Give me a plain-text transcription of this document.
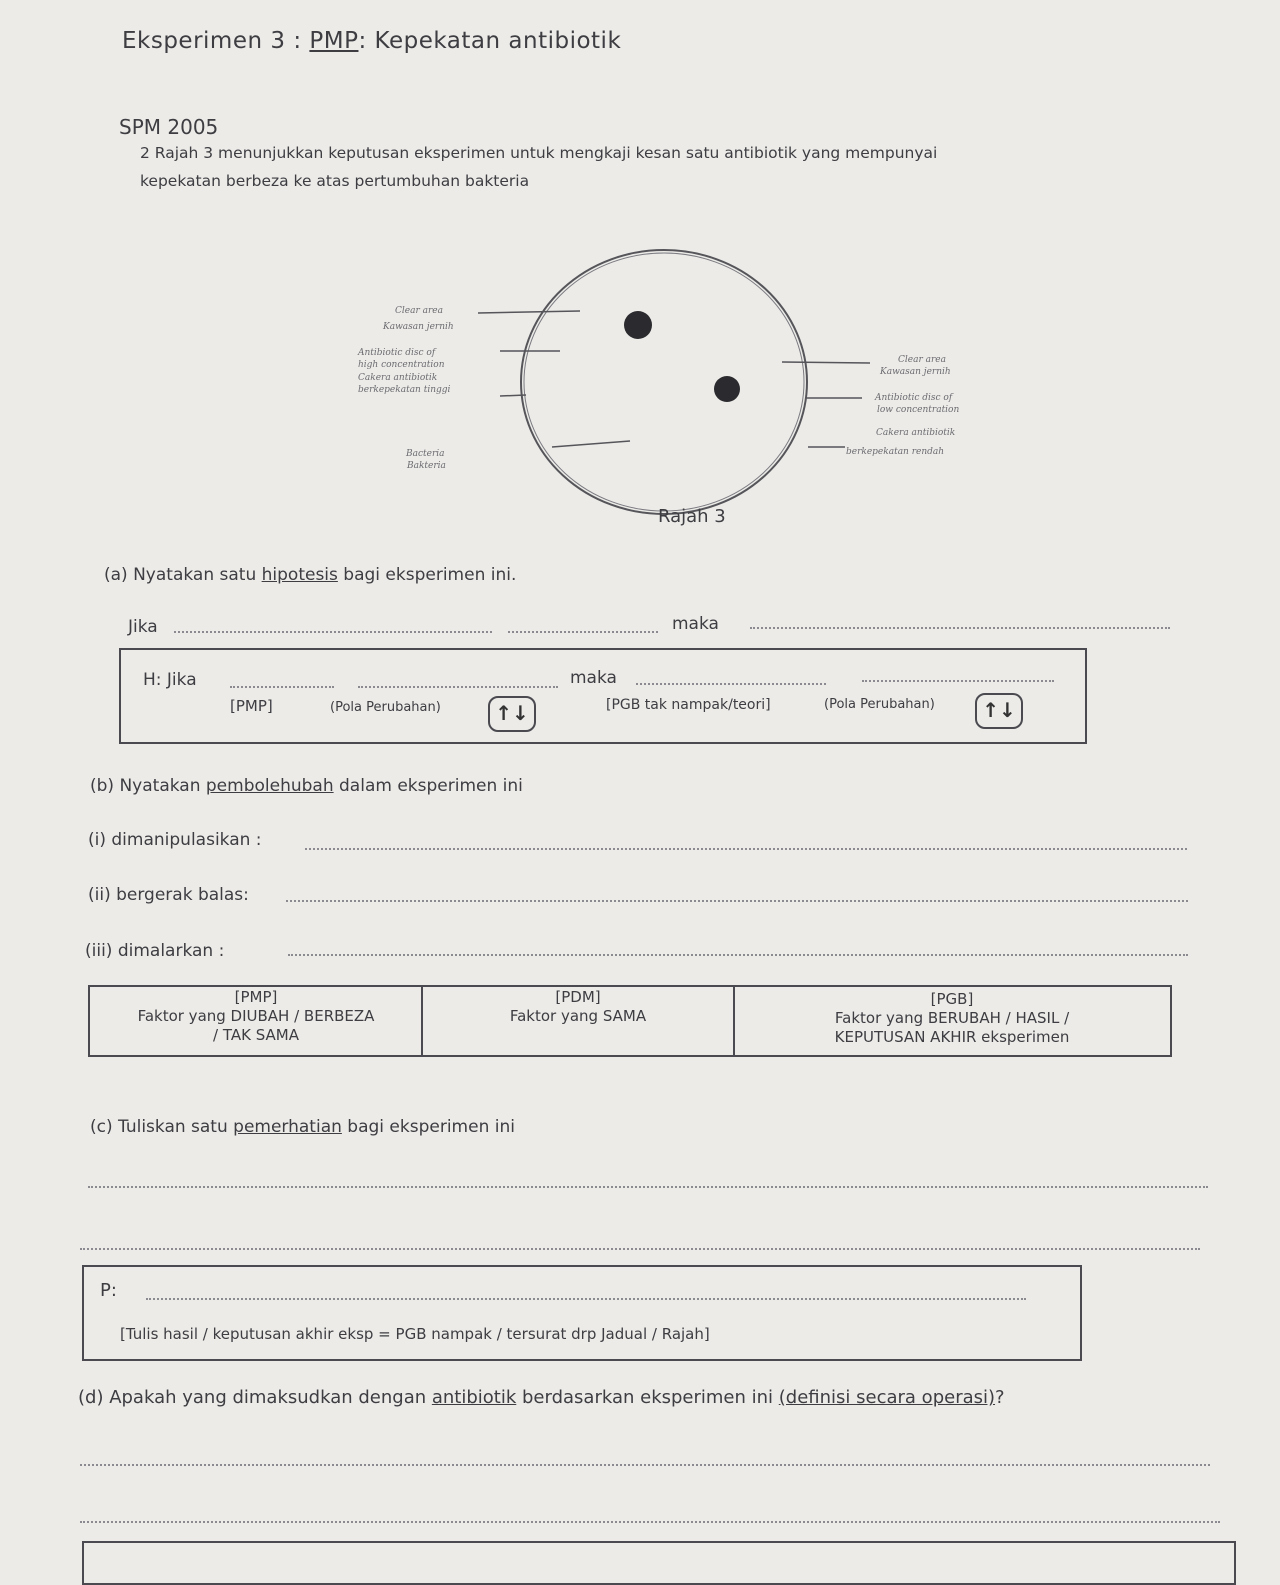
Eksperimen 3 : PMP: Kepekatan antibiotik
SPM 2005
2 Rajah 3 menunjukkan keputusan eksperimen untuk mengkaji kesan satu antibiotik yang mempunyai
kepekatan berbeza ke atas pertumbuhan bakteria
Clear area
Kawasan jernih
Antibiotic disc of
high concentration
Cakera antibiotik
berkepekatan tinggi
Bacteria
Bakteria
Clear area
Kawasan jernih
Antibiotic disc of
low concentration
Cakera antibiotik
berkepekatan rendah
Rajah 3
(a) Nyatakan satu hipotesis bagi eksperimen ini.
Jika	maka
H: Jika	maka
[PMP]	(Pola Perubahan)	↑↓	[PGB tak nampak/teori]	(Pola Perubahan)	↑↓
(b) Nyatakan pembolehubah dalam eksperimen ini
(i) dimanipulasikan :
(ii) bergerak balas:
(iii) dimalarkan :
[PMP]
Faktor yang DIUBAH / BERBEZA
/ TAK SAMA
[PDM]
Faktor yang SAMA
[PGB]
Faktor yang BERUBAH / HASIL /
KEPUTUSAN AKHIR eksperimen
(c) Tuliskan satu pemerhatian bagi eksperimen ini
P:
[Tulis hasil / keputusan akhir eksp = PGB nampak / tersurat drp Jadual / Rajah]
(d) Apakah yang dimaksudkan dengan antibiotik berdasarkan eksperimen ini (definisi secara operasi)?
